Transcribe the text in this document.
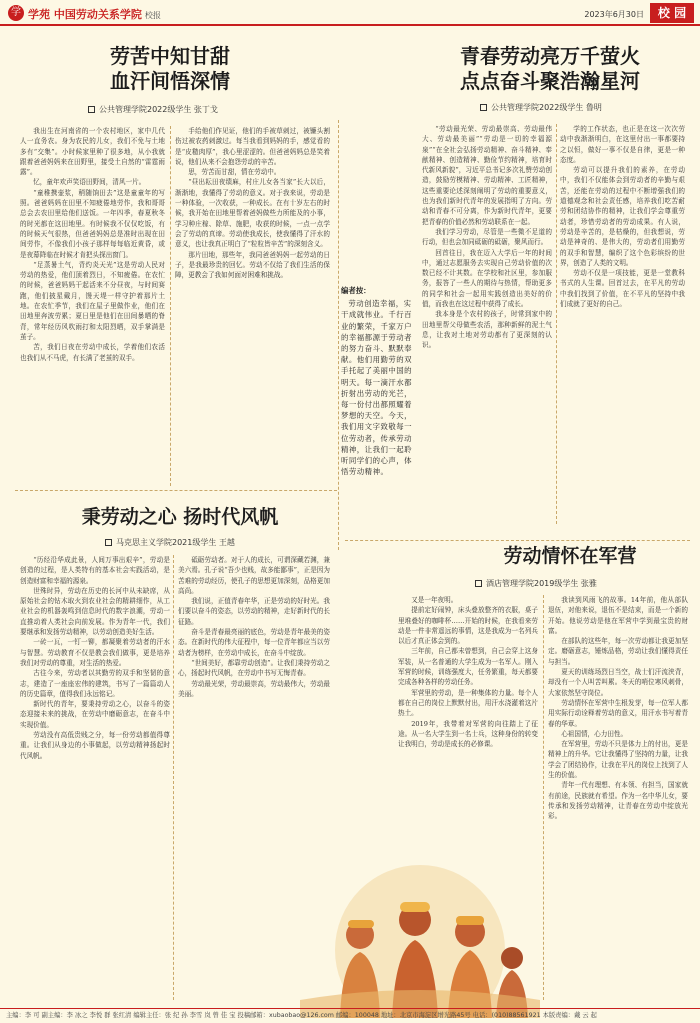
学 学苑 中国劳动关系学院 校报	2023年6月30日	校 园
劳苦中知甘甜
血汗间悟深情
公共管理学院2022级学生 张丁戈

我出生在河南省的一个农村地区，家中几代人一直务农。身为农民的儿女，我们不免与土地多有“交集”。小时候家里种了很多地，从小我就跟着爸爸妈妈来在田野里，接受土自然的“雷霆雨露”。

忆，童年欢声笑语田野间，清风一片。

“童稚携壶浆，稍随饷田去”这是童童年的写照。爸爸妈妈在田里不知疲倦地劳作，我和哥哥总会去农田里给他们送饭。一年四季，春夏秋冬的时光都在这田地里。有时候我不仅仅吃饭，有的时候天气很热，但爸爸妈妈总是准时出现在田间劳作，不像我们小孩子那样每每临近黄昏，或是夜幕降临在时候才肯把头探出窗门。

“足蒸暑土气，背灼炎天光”这是劳动人民对劳动的热爱，他们顶着烈日，不知疲倦。在农忙的时候，爸爸妈妈干起活来不分昼夜，与时间赛跑，他们披星戴月，馒天堤一样守护着那片土地。在农忙季节，我们在屋子里做作业，他们在田地里奔波劳累；夏日里是他们在田间暴晒的脊背，常年经历风吹雨打和太阳烈晒，双手掌满是茧子。

苦，我们日夜在劳动中成长，学着他们农活也我们从不马虎，有长满了老茧的双手。

手给他们作见证，他们的手被草刺过，被镰头割伤过被农药刺激过。每当我看到妈妈的手，感觉看的是“皮糙肉厚”，我心里涩涩的。但爸爸妈妈总是笑着说，他们从来不会抱怨劳动的辛苦。

思，劳苦而甘甜，情在劳动中。

“昼出耘田夜绩麻，村庄儿女各当家”长大以后，渐渐地，我懂得了劳动的意义。对于我来说，劳动是一种体验，一次收获，一种成长。在有十岁左右的时候，我开始在田地里帮着爸妈做些力所能及的小事，学习种庄稼、除草、施肥，收获的时候，一点一点学会了劳动的真谛。劳动使我成长，使我懂得了汗水的意义，也让我真正明白了“粒粒皆辛苦”的深刻含义。

那片田地，那些年，我同爸爸妈妈一起劳动的日子，是我最珍贵的回忆。劳动不仅给了我们生活的保障，更教会了我如何面对困难和挑战。

编者按：

劳动创造幸福，实干成就伟业。千行百业的繁荣，千家万户的幸福都源于劳动者的努力奋斗、默默奉献。他们用勤劳的双手托起了美丽中国的明天。每一滴汗水都折射出劳动的光芒，每一份付出都照耀着梦想的天空。今天，我们用文字致敬每一位劳动者，传承劳动精神，让我们一起聆听同学们的心声，体悟劳动精神。

青春劳动亮万千萤火
点点奋斗聚浩瀚星河
公共管理学院2022级学生 鲁明

“劳动最光荣、劳动最崇高、劳动最伟大、劳动最美丽”“劳动是一切的幸福源泉”“在全社会弘扬劳动精神、奋斗精神、奉献精神、创造精神、勤俭节约精神，培育时代新风新貌”，习近平总书记多次礼赞劳动创造，鼓励劳模精神、劳动精神、工匠精神，这些重要论述深刻阐明了劳动的重要意义，也为我们新时代青年的发展指明了方向。劳动和青春不可分离，作为新时代青年，更要把青春的价值必然和劳动联系在一起。

我们学习劳动，尽管是一些微不足道的行动，但也会加同砥砺的砥砺，聚风而行。

回首往日，我在迈入大学后一年的时间中，通过志愿服务去实现自己劳动价值的次数已经不计其数。在学校和社区里，参加服务，报答了一些人的期待与热情，帮助更多的同学和社会一起用实践创造出美好的价值，而我也在这过程中获得了成长。

我本身是个农村的孩子，时常到家中的田地里帮父母做些农活，那种新鲜的泥土气息，让我对土地对劳动都有了更深刻的认识。

学的工作状态，也正是在这一次次劳动中我渐渐明白，在这里付出一事都要持之以恒，做好一事不仅是自律，更是一种态度。

劳动可以提升我们的素养，在劳动中，我们不仅能体会到劳动者的辛勤与艰苦，还能在劳动的过程中不断增强我们的道德观念和社会责任感，培养我们吃苦耐劳和团结协作的精神，让我们学会尊重劳动者，珍惜劳动者的劳动成果。有人说，劳动是辛苦的，是枯燥的，但我想说，劳动是神奇的、是伟大的，劳动者们用勤劳的双手和智慧，编织了这个色彩缤纷的世界，创造了人类的文明。

劳动不仅是一项技能，更是一堂教科书式的人生课。回首过去，在平凡的劳动中我们找到了价值，在不平凡的坚持中我们成就了更好的自己。

秉劳动之心 扬时代风帆
马克思主义学院2021级学生 王越

“历经沿华成此景，人间万事出艰辛”，劳动是创造的过程，是人类特有的基本社会实践活动，是创造财富和幸福的源泉。

世殊时异，劳动在历史的长河中从未缺席，从原始社会的钻木取火到农业社会的精耕细作，从工业社会的机器轰鸣到信息时代的数字浪潮，劳动一直推动着人类社会向前发展。作为青年一代，我们要继承和发扬劳动精神，以劳动创造美好生活。

一砖一瓦，一钉一铆，都凝聚着劳动者的汗水与智慧。劳动教育不仅是教会我们做事，更是培养我们对劳动的尊重，对生活的热爱。

古往今来，劳动者以其勤劳的双手和坚韧的意志，建造了一座座宏伟的建筑，书写了一篇篇动人的历史篇章，值得我们永远铭记。

新时代的青年，要秉持劳动之心，以奋斗的姿态迎接未来的挑战，在劳动中磨砺意志，在奋斗中实现价值。

劳动没有高低贵贱之分，每一份劳动都值得尊重。让我们从身边的小事做起，以劳动精神扬起时代风帆。

砥砺劳动者。对于人的成长，可谓深藏若渊，兼美六焉。孔子说“吾少也贱，故多能鄙事”，正是因为苦难的劳动经历，使孔子的思想更加深刻，品格更加高尚。

我们说，正值青春年华，正是劳动的好时光。我们要以奋斗的姿态，以劳动的精神，走好新时代的长征路。

奋斗是青春最亮丽的底色，劳动是青年最美的姿态。在新时代的伟大征程中，每一位青年都应当以劳动者为榜样，在劳动中成长，在奋斗中绽放。

“世间美好，都靠劳动创造”。让我们秉持劳动之心，扬起时代风帆，在劳动中书写无悔青春。

劳动最光荣，劳动最崇高，劳动最伟大，劳动最美丽。

劳动情怀在军营
酒店管理学院2019级学生 张雅

又是一年夜明。

提前定好闹钟，床头叠放整齐的衣服，桌子里堆叠好的咖啡杯……开始的时候，在我看来劳动是一件非常遥远的事情，这是我成为一名列兵以后才真正体会到的。

三年前，自己都未曾想到，自己会穿上这身军装，从一名普通的大学生成为一名军人。刚入军营的时候，训练强度大，任务繁重，每天都要完成各种各样的劳动任务。

军营里的劳动，是一种集体的力量。每个人都在自己的岗位上默默付出，用汗水浇灌着这片热土。

2019年，我带着对军营的向往踏上了征途。从一名大学生到一名士兵，这种身份的转变让我明白，劳动是成长的必修课。

我读到风雨飞的故事。14年前，他从部队退伍，对他来说，退伍不是结束，而是一个新的开始。他说劳动是他在军营中学到最宝贵的财富。

在部队的这些年，每一次劳动都让我更加坚定。磨砺意志，锤炼品格，劳动让我们懂得责任与担当。

夏天的训练场烈日当空，战士们汗流浃背，却没有一个人叫苦叫累。冬天的哨位寒风刺骨，大家依然坚守岗位。

劳动情怀在军营中生根发芽，每一位军人都用实际行动诠释着劳动的意义，用汗水书写着青春的华章。

心祖国情，心力田性。

在军营里，劳动不只是体力上的付出，更是精神上的升华。它让我懂得了坚持的力量，让我学会了团结协作，让我在平凡的岗位上找到了人生的价值。

青年一代有理想、有本领、有担当，国家就有前途，民族就有希望。作为一名中华儿女，要传承和发扬劳动精神，让青春在劳动中绽放光彩。

主编：李 可 副主编：李 冰之 李悦 群 张红清 编辑主任：张 纪 孙 李雪 岚 曾 佳 宝 投稿邮箱：xubaobao@126.com 邮编：100048 地址：北京市海淀区增光路45号 电话：(010)88561921 本版责编：戴 云 起
